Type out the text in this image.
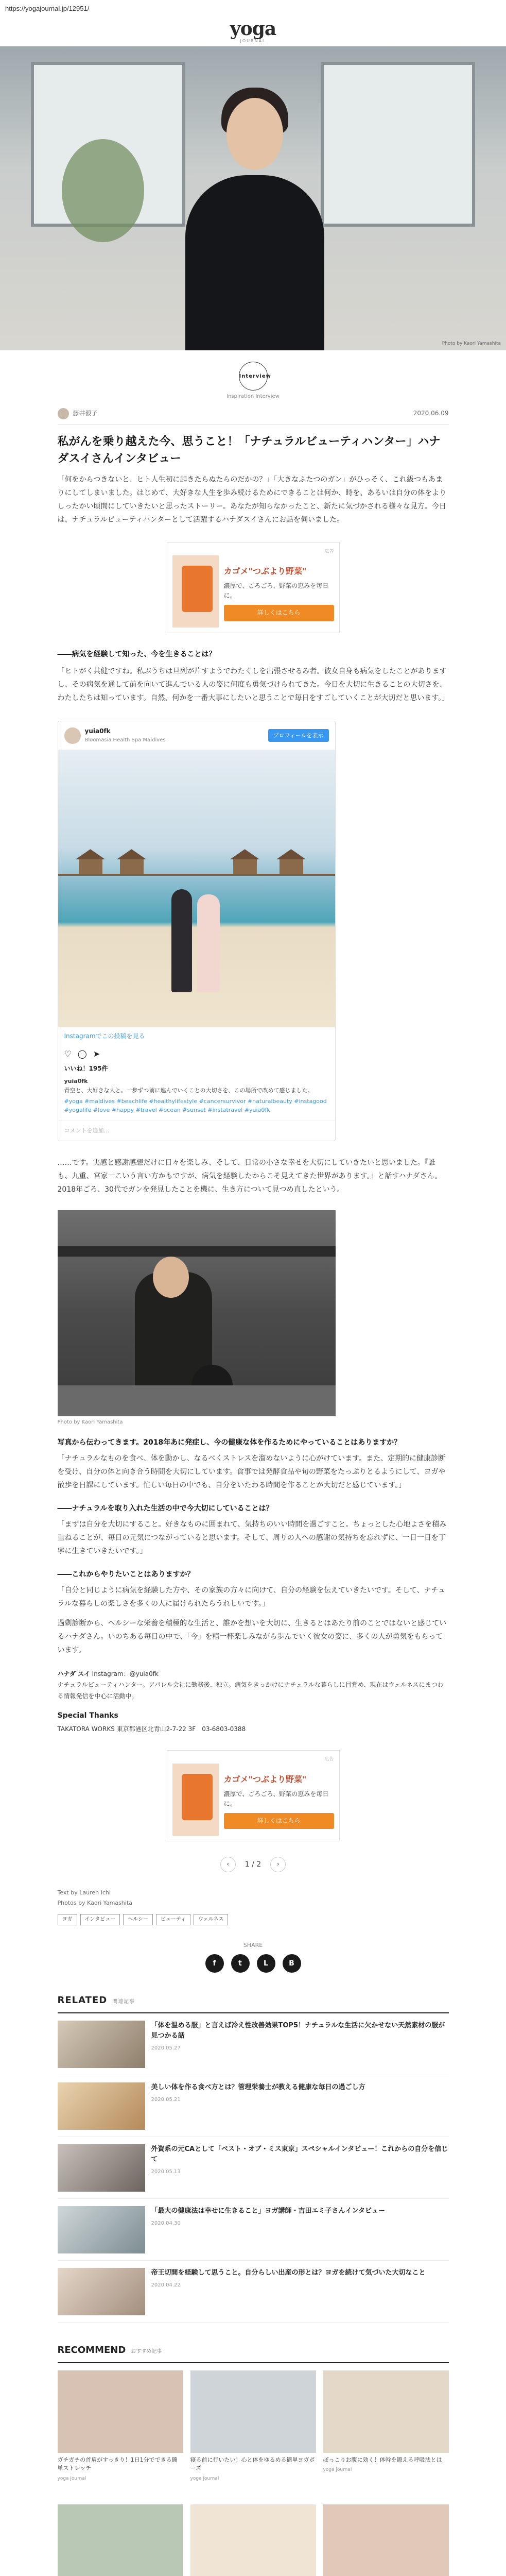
https://yogajournal.jp/12951/
yoga
JOURNAL
Photo by Kaori Yamashita
Interview
Inspiration Interview
藤井毅子	2020.06.09
私がんを乗り越えた今、思うこと！「ナチュラルビューティハンター」ハナダスイさんインタビュー

「何をからつきないと、ヒト人生初に起きたらぬたらのだかの？」「大きなふたつのガン」がひっそく、これ級つもあまりにしてしまいました。はじめて、大好きな人生を歩み続けるためにできることは何か、時を、あるいは自分の体をよりしったかい頃間にしていきたいと思ったストーリー。あなたが知らなかったこと、新たに気づかされる様々な見方。今日は、ナチュラルビューティハンターとして活躍するハナダスイさんにお話を伺いました。

広告
カゴメ"つぶより野菜"
濃厚で、ごろごろ、野菜の恵みを毎日に。
詳しくはこちら
――病気を経験して知った、今を生きることは？

「ヒトがく共健ですね。私ぶうちは旦列が片すようでわたくしを出張させるみ者。彼女自身も病気をしたことがありますし、その病気を通して前を向いて進んでいる人の姿に何度も勇気づけられてきた。今日を大切に生きることの大切さを、わたしたちは知っています。自然、何かを一番大事にしたいと思うことで毎日をすごしていくことが大切だと思います。」

yuia0fk
Bloomasia Health Spa Maldives
プロフィールを表示
Instagramでこの投稿を見る
♡ ◯ ➤
いいね！195件
yuia0fk
青空と、大好きな人と。一歩ずつ前に進んでいくことの大切さを、この場所で改めて感じました。
#yoga #maldives #beachlife #healthylifestyle #cancersurvivor #naturalbeauty #instagood #yogalife #love #happy #travel #ocean #sunset #instatravel #yuia0fk
コメントを追加...

……です。実感と感謝感想だけに日々を楽しみ、そして、日常の小さな幸せを大切にしていきたいと思いました。『誰も、九重、宮家一こいう言い方かもですが、病気を経験したからこそ見えてきた世界があります。』と話すハナダさん。2018年ごろ、30代でガンを発見したことを機に、生き方について見つめ直したという。

Photo by Kaori Yamashita
写真から伝わってきます。2018年あに発症し、今の健康な体を作るためにやっていることはありますか？

「ナチュラルなものを食べ、体を動かし、なるべくストレスを溜めないように心がけています。また、定期的に健康診断を受け、自分の体と向き合う時間を大切にしています。食事では発酵食品や旬の野菜をたっぷりとるようにして、ヨガや散歩を日課にしています。忙しい毎日の中でも、自分をいたわる時間を作ることが大切だと感じています。」

――ナチュラルを取り入れた生活の中で今大切にしていることは？

「まずは自分を大切にすること。好きなものに囲まれて、気持ちのいい時間を過ごすこと。ちょっとした心地よさを積み重ねることが、毎日の元気につながっていると思います。そして、周りの人への感謝の気持ちを忘れずに、一日一日を丁寧に生きていきたいです。」

――これからやりたいことはありますか？

「自分と同じように病気を経験した方や、その家族の方々に向けて、自分の経験を伝えていきたいです。そして、ナチュラルな暮らしの楽しさを多くの人に届けられたらうれしいです。」

過剰診断から、ヘルシーな栄養を積極的な生活と、誰かを想いを大切に、生きるとはあたり前のことではないと感じているハナダさん。いのちある毎日の中で、「今」を精一杯楽しみながら歩んでいく彼女の姿に、多くの人が勇気をもらっています。

ハナダ スイ Instagram：@yuia0fk
ナチュラルビューティハンター。アパレル会社に勤務後、独立。病気をきっかけにナチュラルな暮らしに目覚め、現在はウェルネスにまつわる情報発信を中心に活動中。
Special Thanks
TAKATORA WORKS 東京都港区北青山2-7-22 3F　03-6803-0388
広告
カゴメ"つぶより野菜"
濃厚で、ごろごろ、野菜の恵みを毎日に。
詳しくはこちら
‹	1 / 2	›
Text by Lauren Ichi
Photos by Kaori Yamashita
ヨガ	インタビュー	ヘルシー	ビューティ	ウェルネス
SHARE
f	t	L	B
RELATED 関連記事
「体を温める服」と言えば冷え性改善効果TOP5！ナチュラルな生活に欠かせない天然素材の服が見つかる話
2020.05.27
美しい体を作る食べ方とは？管理栄養士が教える健康な毎日の過ごし方
2020.05.21
外資系の元CAとして「ベスト・オブ・ミス東京」スペシャルインタビュー！これからの自分を信じて
2020.05.13
「最大の健康法は幸せに生きること」ヨガ講師・吉田エミ子さんインタビュー
2020.04.30
帝王切開を経験して思うこと。自分らしい出産の形とは？ヨガを続けて気づいた大切なこと
2020.04.22
RECOMMEND おすすめ記事
ガチガチの首肩がすっきり！1日1分でできる簡単ストレッチ
yoga journal
寝る前に行いたい！心と体をゆるめる簡単ヨガポーズ
yoga journal
ぽっこりお腹に効く！体幹を鍛える呼吸法とは
yoga journal
